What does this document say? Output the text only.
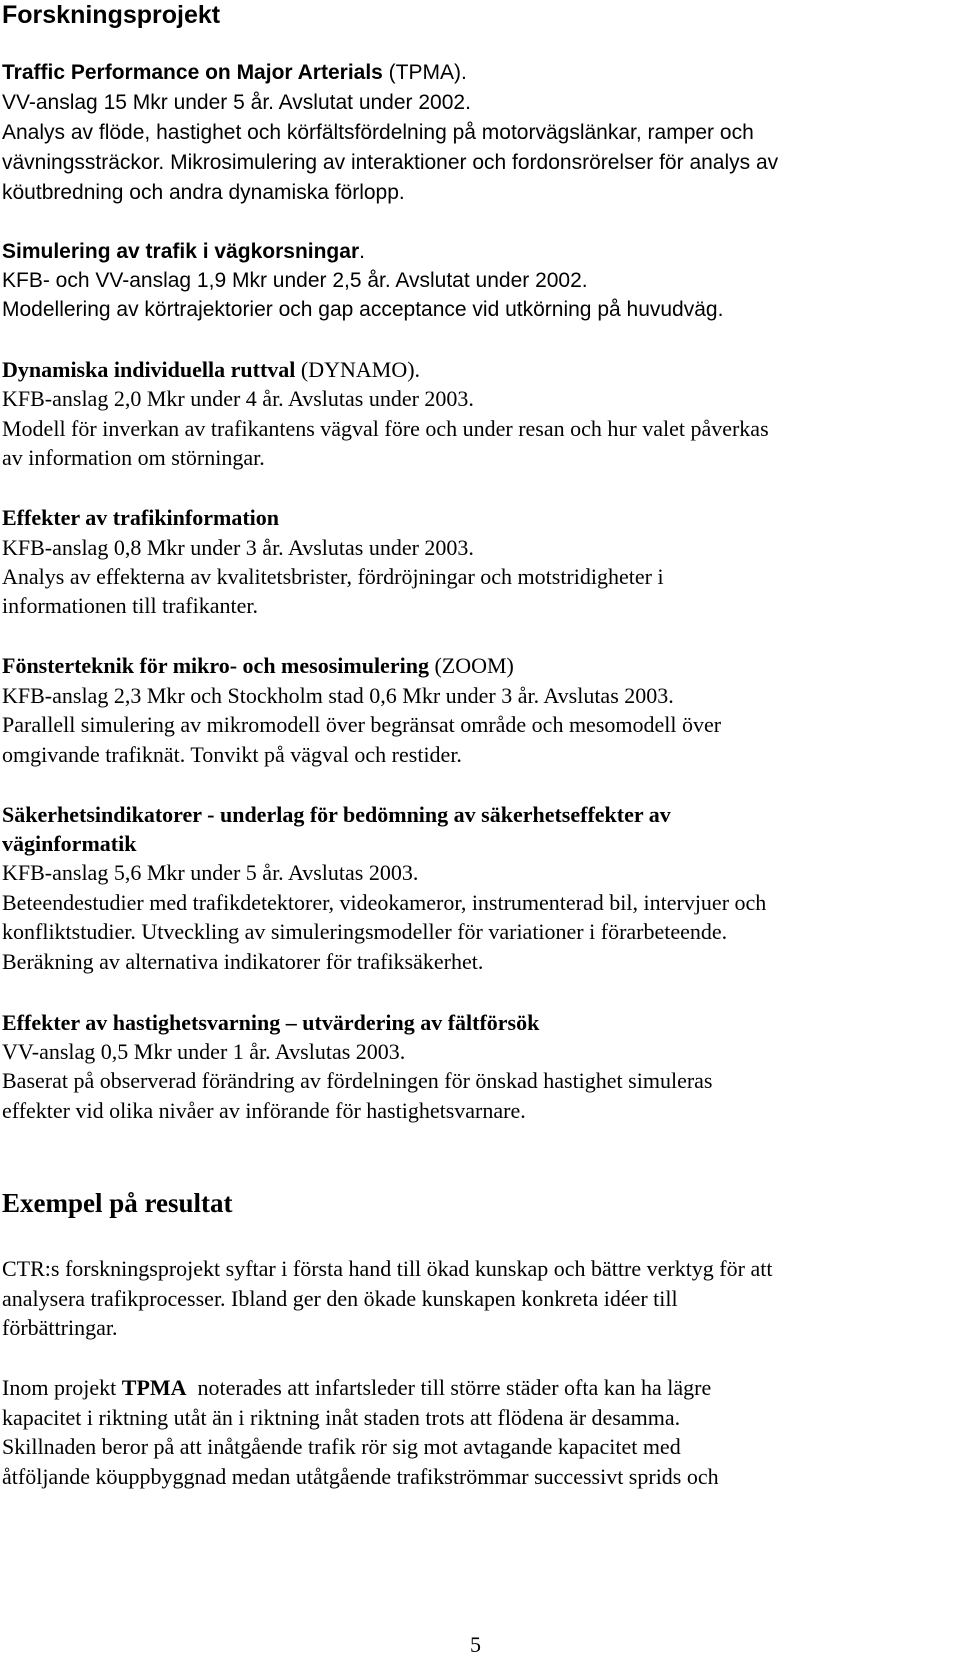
Forskningsprojekt
Traffic Performance on Major Arterials (TPMA).
VV-anslag 15 Mkr under 5 år. Avslutat under 2002.
Analys av flöde, hastighet och körfältsfördelning på motorvägslänkar, ramper och
vävningssträckor. Mikrosimulering av interaktioner och fordonsrörelser för analys av
köutbredning och andra dynamiska förlopp.
Simulering av trafik i vägkorsningar.
KFB- och VV-anslag 1,9 Mkr under 2,5 år. Avslutat under 2002.
Modellering av körtrajektorier och gap acceptance vid utkörning på huvudväg.
Dynamiska individuella ruttval (DYNAMO).
KFB-anslag 2,0 Mkr under 4 år. Avslutas under 2003.
Modell för inverkan av trafikantens vägval före och under resan och hur valet påverkas
av information om störningar.
Effekter av trafikinformation
KFB-anslag 0,8 Mkr under 3 år. Avslutas under 2003.
Analys av effekterna av kvalitetsbrister, fördröjningar och motstridigheter i
informationen till trafikanter.
Fönsterteknik för mikro- och mesosimulering (ZOOM)
KFB-anslag 2,3 Mkr och Stockholm stad 0,6 Mkr under 3 år. Avslutas 2003.
Parallell simulering av mikromodell över begränsat område och mesomodell över
omgivande trafiknät. Tonvikt på vägval och restider.
Säkerhetsindikatorer - underlag för bedömning av säkerhetseffekter av
väginformatik
KFB-anslag 5,6 Mkr under 5 år. Avslutas 2003.
Beteendestudier med trafikdetektorer, videokameror, instrumenterad bil, intervjuer och
konfliktstudier. Utveckling av simuleringsmodeller för variationer i förarbeteende.
Beräkning av alternativa indikatorer för trafiksäkerhet.
Effekter av hastighetsvarning – utvärdering av fältförsök
VV-anslag 0,5 Mkr under 1 år. Avslutas 2003.
Baserat på observerad förändring av fördelningen för önskad hastighet simuleras
effekter vid olika nivåer av införande för hastighetsvarnare.
Exempel på resultat
CTR:s forskningsprojekt syftar i första hand till ökad kunskap och bättre verktyg för att
analysera trafikprocesser. Ibland ger den ökade kunskapen konkreta idéer till
förbättringar.
Inom projekt TPMA  noterades att infartsleder till större städer ofta kan ha lägre
kapacitet i riktning utåt än i riktning inåt staden trots att flödena är desamma.
Skillnaden beror på att inåtgående trafik rör sig mot avtagande kapacitet med
åtföljande köuppbyggnad medan utåtgående trafikströmmar successivt sprids och
5
